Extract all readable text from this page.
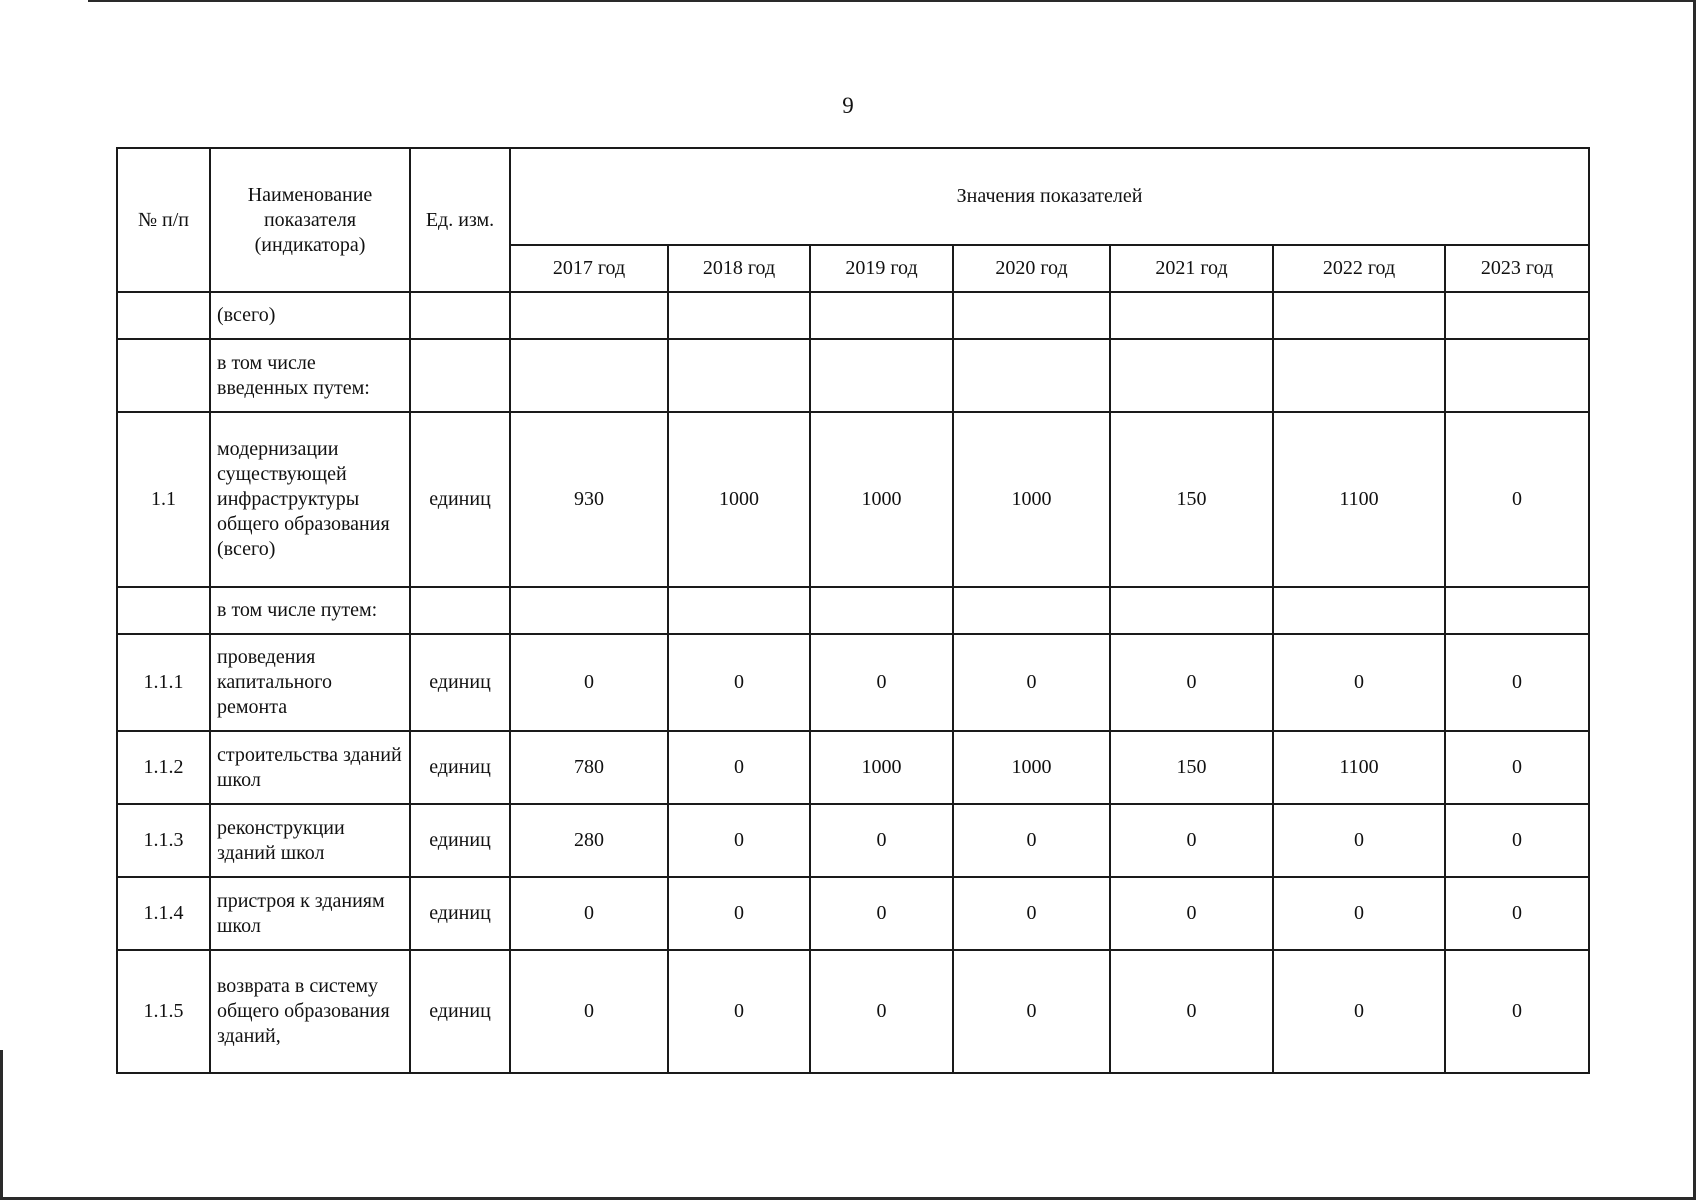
9
№ п/п	Наименование показателя (индикатора)	Ед. изм.	Значения показателей						
			2017 год	2018 год	2019 год	2020 год	2021 год	2022 год	2023 год
	(всего)								
	в том числе введенных путем:								
1.1	модернизации существующей инфраструктуры общего образования (всего)	единиц	930	1000	1000	1000	150	1100	0
	в том числе путем:								
1.1.1	проведения капитального ремонта	единиц	0	0	0	0	0	0	0
1.1.2	строительства зданий школ	единиц	780	0	1000	1000	150	1100	0
1.1.3	реконструкции зданий школ	единиц	280	0	0	0	0	0	0
1.1.4	пристроя к зданиям школ	единиц	0	0	0	0	0	0	0
1.1.5	возврата в систему общего образования зданий,	единиц	0	0	0	0	0	0	0
